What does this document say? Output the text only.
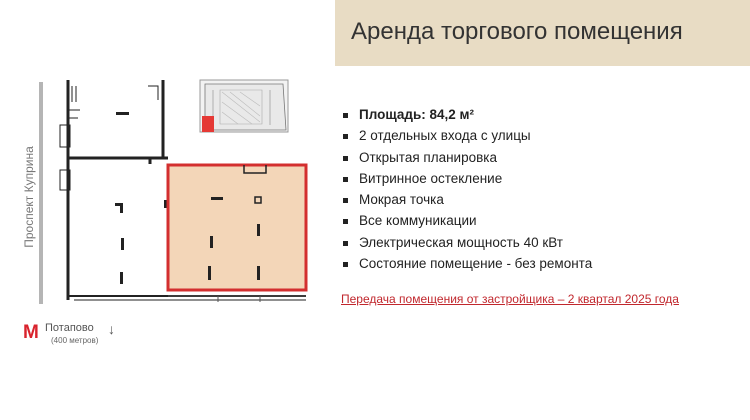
Аренда торгового помещения
Проспект Куприна
Площадь: 84,2 м²
2 отдельных входа с улицы
Открытая планировка
Витринное остекление
Мокрая точка
Все коммуникации
Электрическая мощность 40 кВт
Состояние помещение - без ремонта
Передача помещения от застройщика – 2 квартал 2025 года
М Потапово
(400 метров)
↓
